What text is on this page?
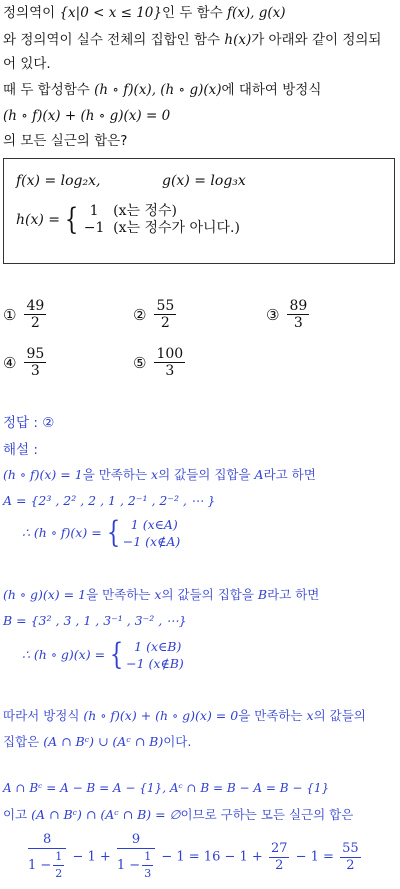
정의역이 {x|0 < x ≤ 10}인 두 함수 f(x), g(x)
와 정의역이 실수 전체의 집합인 함수 h(x)가 아래와 같이 정의되
어 있다.
때 두 합성함수 (h ∘ f)(x), (h ∘ g)(x)에 대하여 방정식
(h ∘ f)(x) + (h ∘ g)(x) = 0
의 모든 실근의 합은?
f(x) = log₂x,	g(x) = log₃x
h(x) = { 1 (x는 정수)
−1 (x는 정수가 아니다.)
① $\frac{49}{2}$	② $\frac{55}{2}$	③ $\frac{89}{3}$
④ $\frac{95}{3}$	⑤ $\frac{100}{3}$
정답 : ②
해설 :
(h ∘ f)(x) = 1을 만족하는 x의 값들의 집합을 A라고 하면
A = {2³ , 2² , 2 , 1 , 2⁻¹ , 2⁻² , ⋯ }
∴ (h ∘ f)(x) = { 1 (x∈A)
−1 (x∉A)
(h ∘ g)(x) = 1을 만족하는 x의 값들의 집합을 B라고 하면
B = {3² , 3 , 1 , 3⁻¹ , 3⁻² , ⋯}
∴ (h ∘ g)(x) = { 1 (x∈B)
−1 (x∉B)
따라서 방정식 (h ∘ f)(x) + (h ∘ g)(x) = 0을 만족하는 x의 값들의
집합은 (A ∩ Bᶜ) ∪ (Aᶜ ∩ B)이다.
A ∩ Bᶜ = A − B = A − {1}, Aᶜ ∩ B = B − A = B − {1}
이고 (A ∩ Bᶜ) ∩ (Aᶜ ∩ B) = ∅이므로 구하는 모든 실근의 합은
$\frac{8}{1 - \frac{1}{2}} - 1 + \frac{9}{1 - \frac{1}{3}} - 1 = 16 - 1 + \frac{27}{2} - 1 = \frac{55}{2}$
